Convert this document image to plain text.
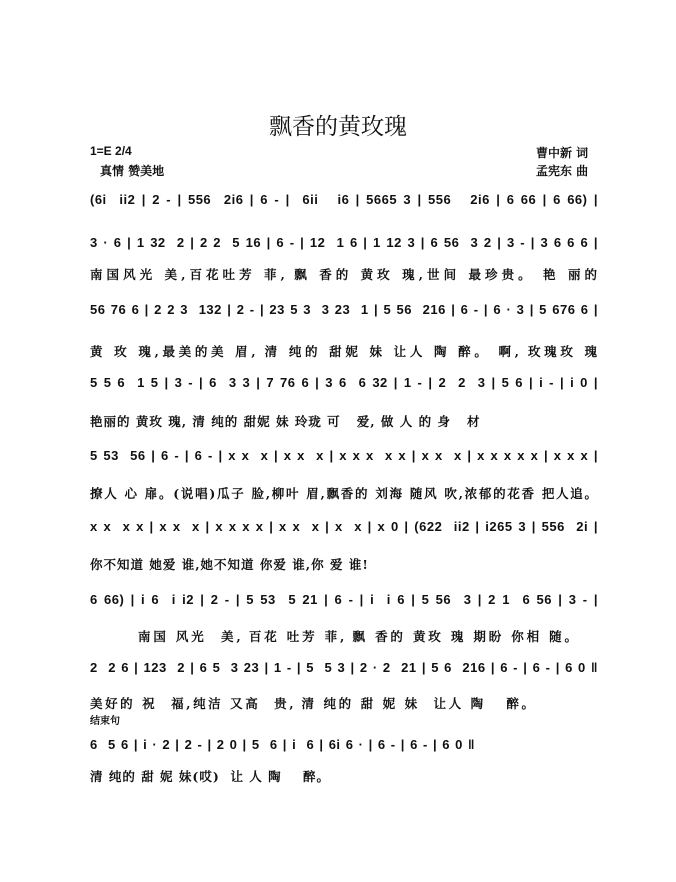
飘香的黄玫瑰
1=E 2/4
真情 赞美地
曹中新 词
孟宪东 曲
(6i  ii2 | 2 - | 556  2i6 | 6 - |  6ii   i6 | 5665 3 | 556   2i6 | 6 66 | 6 66) |
3 · 6 | 1 32  2 | 2 2  5 16 | 6 - | 12  1 6 | 1 12 3 | 6 56  3 2 | 3 - | 3 6 6 6 |
南国风光 美,百花吐芳 菲, 飘 香的 黄玫 瑰,世间 最珍贵。 艳 丽的
56 76 6 | 2 2 3  132 | 2 - | 23 5 3  3 23  1 | 5 56  216 | 6 - | 6 · 3 | 5 676 6 |
黄 玫 瑰,最美的美 眉, 清 纯的 甜妮 妹 让人 陶 醉。 啊, 玫瑰玫 瑰
5 5 6  1 5 | 3 - | 6  3 3 | 7 76 6 | 3 6  6 32 | 1 - | 2  2  3 | 5 6 | i - | i 0 |
艳丽的 黄玫 瑰, 清 纯的 甜妮 妹 玲珑 可   爱, 做 人 的 身   材
5 53  56 | 6 - | 6 - | x x  x | x x  x | x x x  x x | x x  x | x x x x x | x x x |
撩人 心 扉。(说唱)瓜子 脸,柳叶 眉,飘香的 刘海 随风 吹,浓郁的花香 把人追。
x x  x x | x x  x | x x x x | x x  x | x  x | x 0 | (622  ii2 | i265 3 | 556  2i |
你不知道 她爱 谁,她不知道 你爱 谁,你 爱 谁!
6 66) | i 6  i i2 | 2 - | 5 53  5 21 | 6 - | i  i 6 | 5 56  3 | 2 1  6 56 | 3 - |
南国 风光  美, 百花 吐芳 菲, 飘 香的 黄玫 瑰 期盼 你相 随。
2  2 6 | 123  2 | 6 5  3 23 | 1 - | 5  5 3 | 2 · 2  21 | 5 6  216 | 6 - | 6 - | 6 0 ‖
美好的 祝  福,纯洁 又高  贵, 清 纯的 甜 妮 妹  让人 陶   醉。
结束句
6  5 6 | i · 2 | 2 - | 2 0 | 5  6 | i  6 | 6i 6 · | 6 - | 6 - | 6 0 ‖
清 纯的 甜 妮 妹(哎)  让 人 陶    醉。
